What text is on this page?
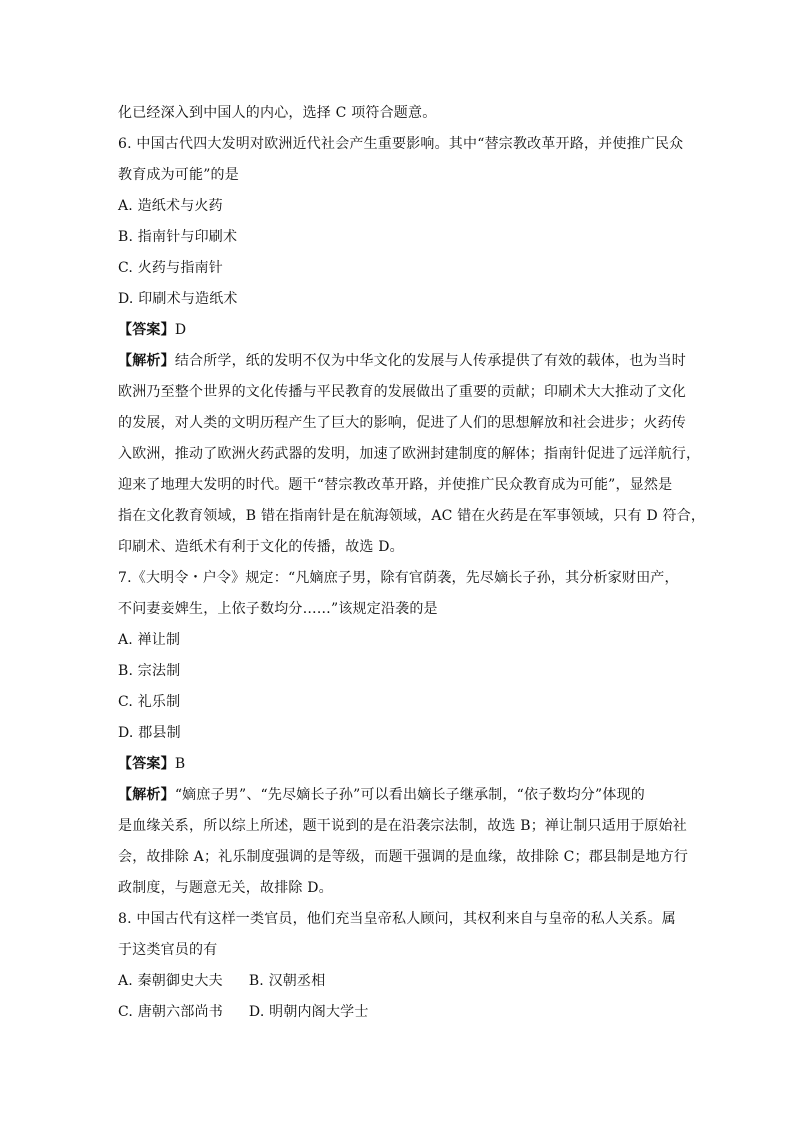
化已经深入到中国人的内心，选择 C 项符合题意。
6. 中国古代四大发明对欧洲近代社会产生重要影响。其中“替宗教改革开路，并使推广民众
教育成为可能”的是
A. 造纸术与火药
B. 指南针与印刷术
C. 火药与指南针
D. 印刷术与造纸术
【答案】D
【解析】结合所学，纸的发明不仅为中华文化的发展与人传承提供了有效的载体，也为当时
欧洲乃至整个世界的文化传播与平民教育的发展做出了重要的贡献；印刷术大大推动了文化
的发展，对人类的文明历程产生了巨大的影响，促进了人们的思想解放和社会进步；火药传
入欧洲，推动了欧洲火药武器的发明，加速了欧洲封建制度的解体；指南针促进了远洋航行，
迎来了地理大发明的时代。题干“替宗教改革开路，并使推广民众教育成为可能”，显然是
指在文化教育领域，B 错在指南针是在航海领域，AC 错在火药是在军事领域，只有 D 符合，
印刷术、造纸术有利于文化的传播，故选 D。
7.《大明令・户令》规定：“凡嫡庶子男，除有官荫袭，先尽嫡长子孙，其分析家财田产，
不问妻妾婢生，上依子数均分……”该规定沿袭的是
A. 禅让制
B. 宗法制
C. 礼乐制
D. 郡县制
【答案】B
【解析】“嫡庶子男”、“先尽嫡长子孙”可以看出嫡长子继承制，“依子数均分”体现的
是血缘关系，所以综上所述，题干说到的是在沿袭宗法制，故选 B；禅让制只适用于原始社
会，故排除 A；礼乐制度强调的是等级，而题干强调的是血缘，故排除 C；郡县制是地方行
政制度，与题意无关，故排除 D。
8. 中国古代有这样一类官员，他们充当皇帝私人顾问，其权利来自与皇帝的私人关系。属
于这类官员的有
A. 秦朝御史大夫 B. 汉朝丞相
C. 唐朝六部尚书 D. 明朝内阁大学士
